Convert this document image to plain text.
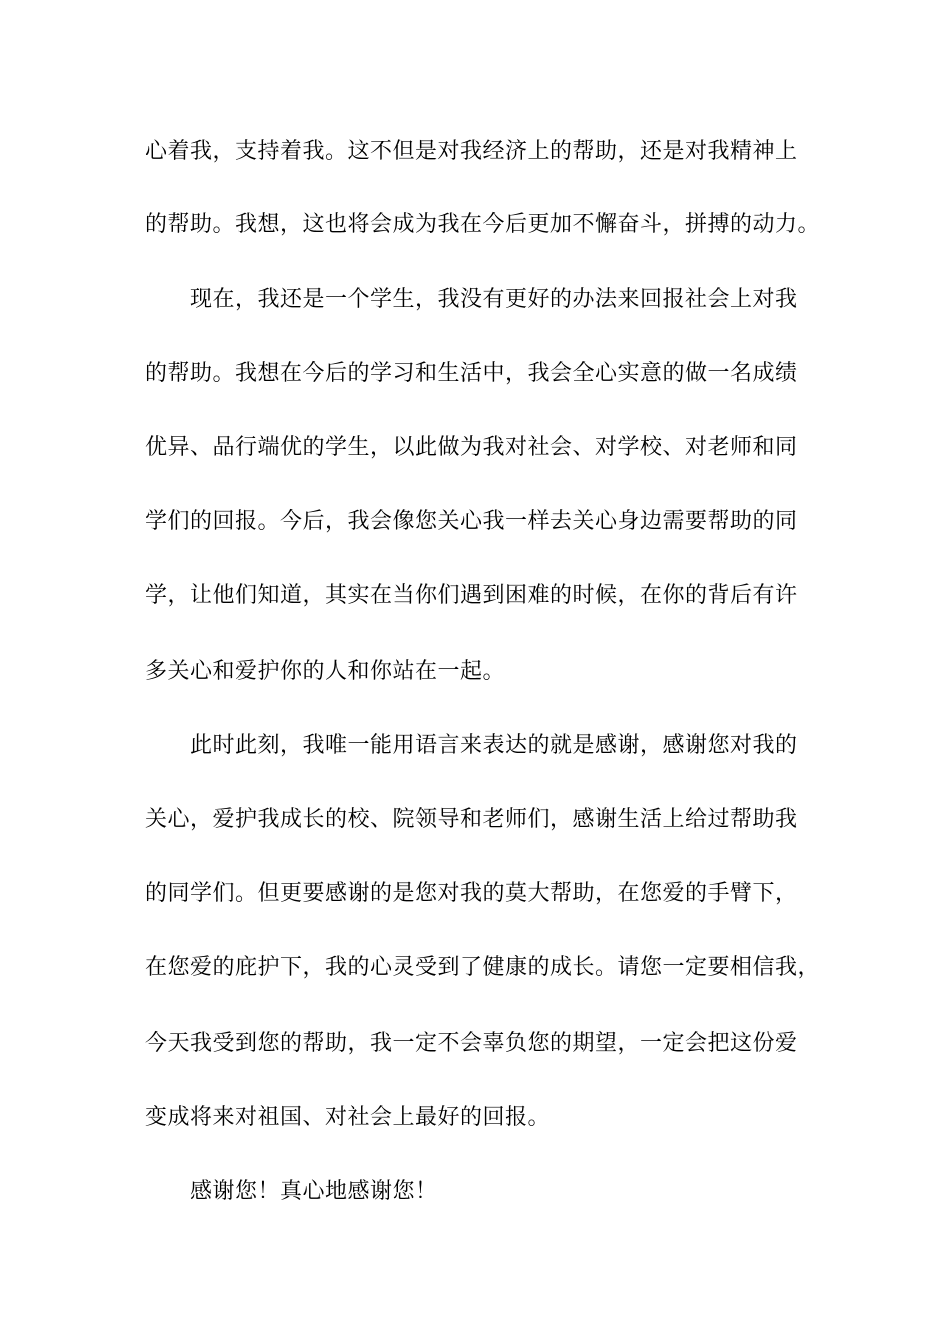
心着我，支持着我。这不但是对我经济上的帮助，还是对我精神上
的帮助。我想，这也将会成为我在今后更加不懈奋斗，拼搏的动力。
现在，我还是一个学生，我没有更好的办法来回报社会上对我
的帮助。我想在今后的学习和生活中，我会全心实意的做一名成绩
优异、品行端优的学生，以此做为我对社会、对学校、对老师和同
学们的回报。今后，我会像您关心我一样去关心身边需要帮助的同
学，让他们知道，其实在当你们遇到困难的时候，在你的背后有许
多关心和爱护你的人和你站在一起。
此时此刻，我唯一能用语言来表达的就是感谢，感谢您对我的
关心，爱护我成长的校、院领导和老师们，感谢生活上给过帮助我
的同学们。但更要感谢的是您对我的莫大帮助，在您爱的手臂下，
在您爱的庇护下，我的心灵受到了健康的成长。请您一定要相信我，
今天我受到您的帮助，我一定不会辜负您的期望，一定会把这份爱
变成将来对祖国、对社会上最好的回报。
感谢您！真心地感谢您！
